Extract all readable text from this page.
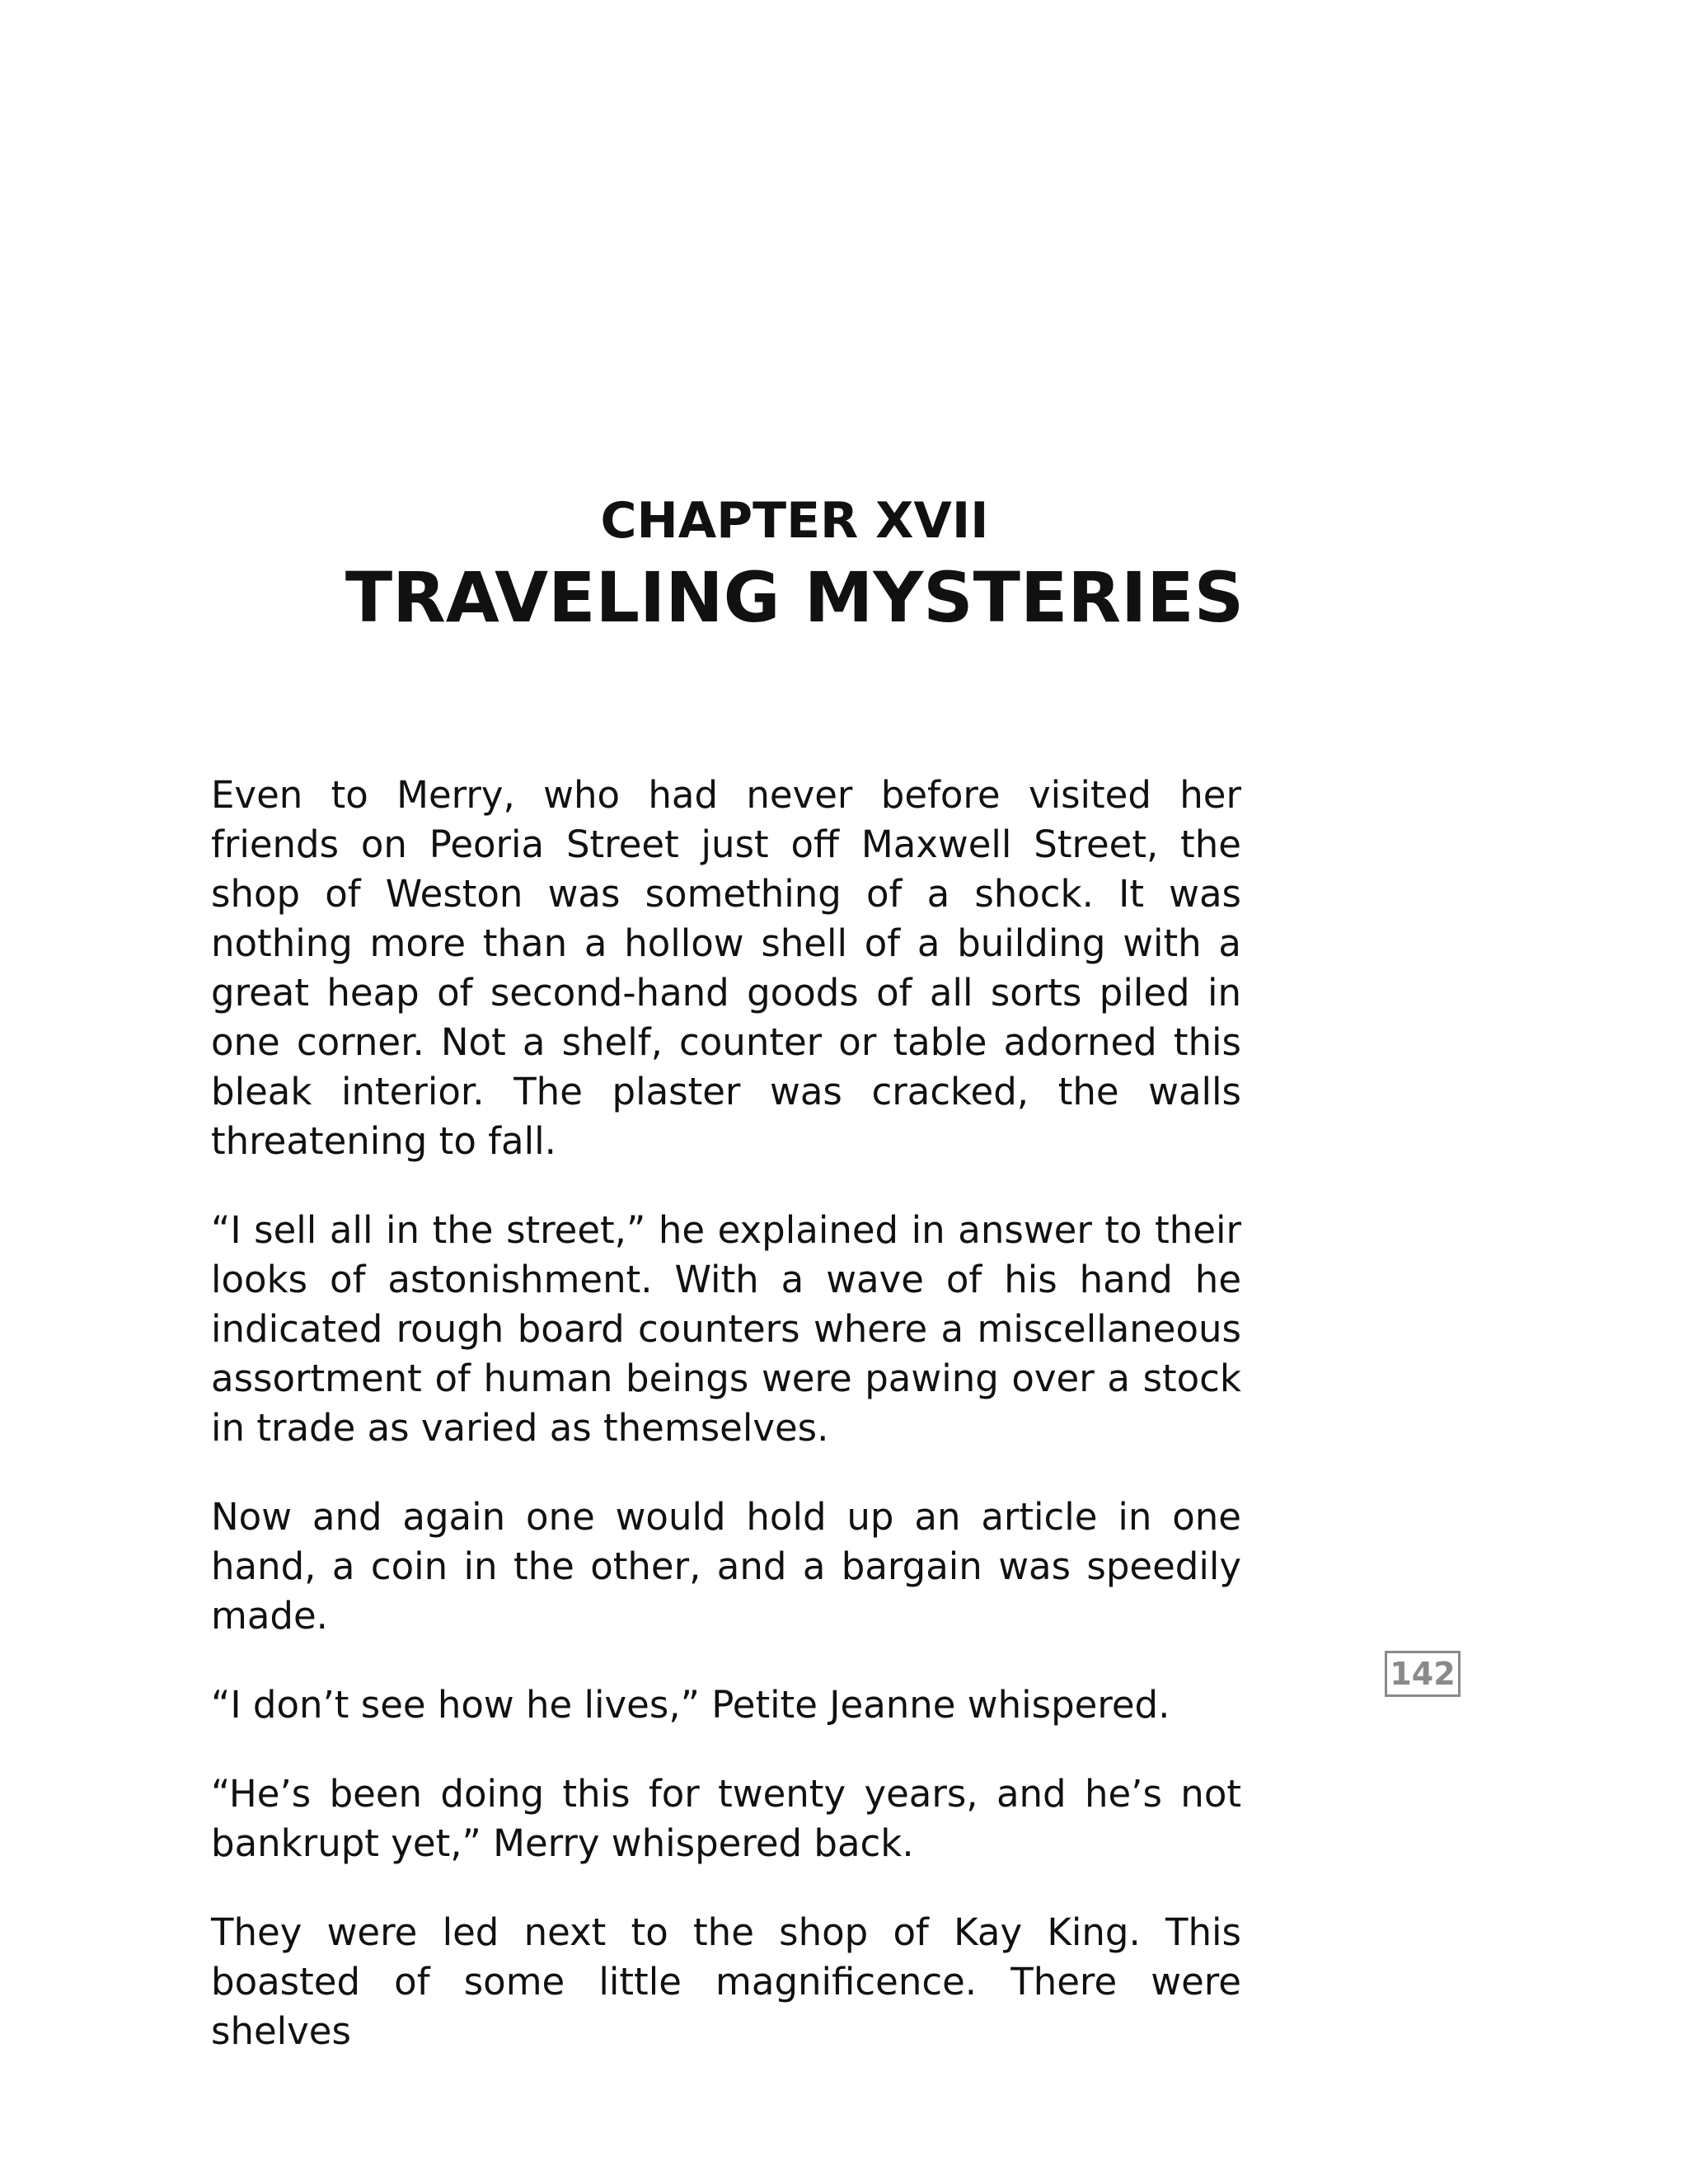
CHAPTER XVII
TRAVELING MYSTERIES

Even to Merry, who had never before visited her friends on Peoria Street just off Maxwell Street, the shop of Weston was something of a shock. It was nothing more than a hollow shell of a building with a great heap of second-hand goods of all sorts piled in one corner. Not a shelf, counter or table adorned this bleak interior. The plaster was cracked, the walls threatening to fall.

“I sell all in the street,” he explained in answer to their looks of astonishment. With a wave of his hand he indicated rough board counters where a miscellaneous assortment of human beings were pawing over a stock in trade as varied as themselves.

Now and again one would hold up an article in one hand, a coin in the other, and a bargain was speedily made.

“I don’t see how he lives,” Petite Jeanne whispered.

“He’s been doing this for twenty years, and he’s not bankrupt yet,” Merry whispered back.

They were led next to the shop of Kay King. This boasted of some little magnificence. There were shelves

142
